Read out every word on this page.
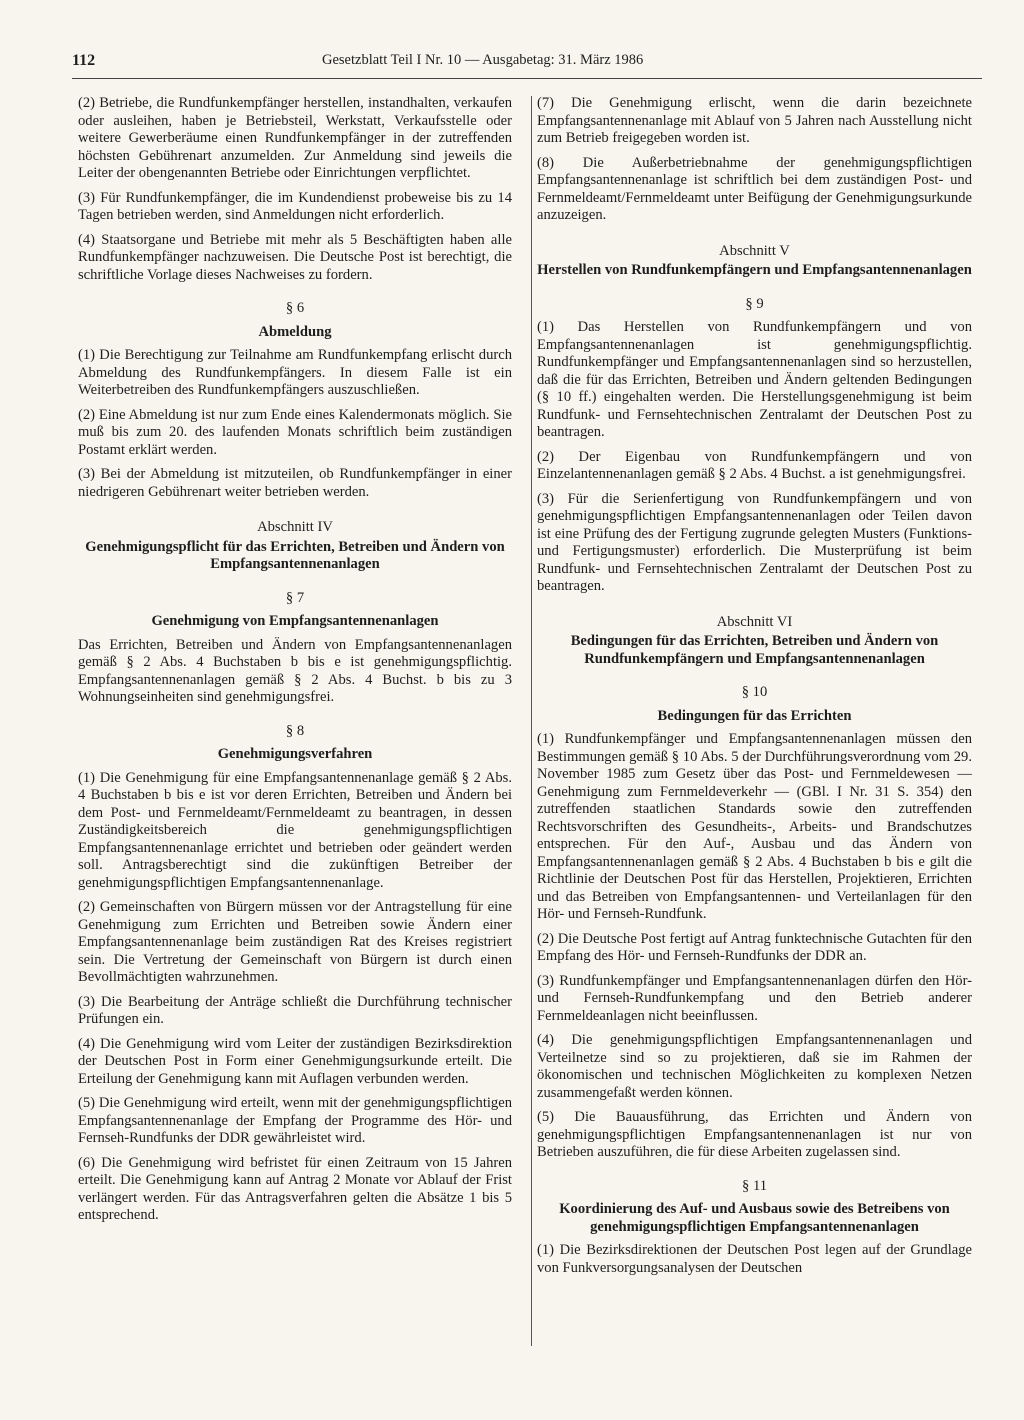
112	Gesetzblatt Teil I Nr. 10 — Ausgabetag: 31. März 1986

(2) Betriebe, die Rundfunkempfänger herstellen, instandhalten, verkaufen oder ausleihen, haben je Betriebsteil, Werkstatt, Verkaufsstelle oder weitere Gewerberäume einen Rundfunkempfänger in der zutreffenden höchsten Gebührenart anzumelden. Zur Anmeldung sind jeweils die Leiter der obengenannten Betriebe oder Einrichtungen verpflichtet.

(3) Für Rundfunkempfänger, die im Kundendienst probeweise bis zu 14 Tagen betrieben werden, sind Anmeldungen nicht erforderlich.

(4) Staatsorgane und Betriebe mit mehr als 5 Beschäftigten haben alle Rundfunkempfänger nachzuweisen. Die Deutsche Post ist berechtigt, die schriftliche Vorlage dieses Nachweises zu fordern.

§ 6
Abmeldung

(1) Die Berechtigung zur Teilnahme am Rundfunkempfang erlischt durch Abmeldung des Rundfunkempfängers. In diesem Falle ist ein Weiterbetreiben des Rundfunkempfängers auszuschließen.

(2) Eine Abmeldung ist nur zum Ende eines Kalendermonats möglich. Sie muß bis zum 20. des laufenden Monats schriftlich beim zuständigen Postamt erklärt werden.

(3) Bei der Abmeldung ist mitzuteilen, ob Rundfunkempfänger in einer niedrigeren Gebührenart weiter betrieben werden.

Abschnitt IV
Genehmigungspflicht für das Errichten, Betreiben und Ändern von Empfangsantennenanlagen
§ 7
Genehmigung von Empfangsantennenanlagen

Das Errichten, Betreiben und Ändern von Empfangsantennenanlagen gemäß § 2 Abs. 4 Buchstaben b bis e ist genehmigungspflichtig. Empfangsantennenanlagen gemäß § 2 Abs. 4 Buchst. b bis zu 3 Wohnungseinheiten sind genehmigungsfrei.

§ 8
Genehmigungsverfahren

(1) Die Genehmigung für eine Empfangsantennenanlage gemäß § 2 Abs. 4 Buchstaben b bis e ist vor deren Errichten, Betreiben und Ändern bei dem Post- und Fernmeldeamt/Fernmeldeamt zu beantragen, in dessen Zuständigkeitsbereich die genehmigungspflichtigen Empfangsantennenanlage errichtet und betrieben oder geändert werden soll. Antragsberechtigt sind die zukünftigen Betreiber der genehmigungspflichtigen Empfangsantennenanlage.

(2) Gemeinschaften von Bürgern müssen vor der Antragstellung für eine Genehmigung zum Errichten und Betreiben sowie Ändern einer Empfangsantennenanlage beim zuständigen Rat des Kreises registriert sein. Die Vertretung der Gemeinschaft von Bürgern ist durch einen Bevollmächtigten wahrzunehmen.

(3) Die Bearbeitung der Anträge schließt die Durchführung technischer Prüfungen ein.

(4) Die Genehmigung wird vom Leiter der zuständigen Bezirksdirektion der Deutschen Post in Form einer Genehmigungsurkunde erteilt. Die Erteilung der Genehmigung kann mit Auflagen verbunden werden.

(5) Die Genehmigung wird erteilt, wenn mit der genehmigungspflichtigen Empfangsantennenanlage der Empfang der Programme des Hör- und Fernseh-Rundfunks der DDR gewährleistet wird.

(6) Die Genehmigung wird befristet für einen Zeitraum von 15 Jahren erteilt. Die Genehmigung kann auf Antrag 2 Monate vor Ablauf der Frist verlängert werden. Für das Antragsverfahren gelten die Absätze 1 bis 5 entsprechend.

(7) Die Genehmigung erlischt, wenn die darin bezeichnete Empfangsantennenanlage mit Ablauf von 5 Jahren nach Ausstellung nicht zum Betrieb freigegeben worden ist.

(8) Die Außerbetriebnahme der genehmigungspflichtigen Empfangsantennenanlage ist schriftlich bei dem zuständigen Post- und Fernmeldeamt/Fernmeldeamt unter Beifügung der Genehmigungsurkunde anzuzeigen.

Abschnitt V
Herstellen von Rundfunkempfängern und Empfangsantennenanlagen
§ 9

(1) Das Herstellen von Rundfunkempfängern und von Empfangsantennenanlagen ist genehmigungspflichtig. Rundfunkempfänger und Empfangsantennenanlagen sind so herzustellen, daß die für das Errichten, Betreiben und Ändern geltenden Bedingungen (§ 10 ff.) eingehalten werden. Die Herstellungsgenehmigung ist beim Rundfunk- und Fernsehtechnischen Zentralamt der Deutschen Post zu beantragen.

(2) Der Eigenbau von Rundfunkempfängern und von Einzelantennenanlagen gemäß § 2 Abs. 4 Buchst. a ist genehmigungsfrei.

(3) Für die Serienfertigung von Rundfunkempfängern und von genehmigungspflichtigen Empfangsantennenanlagen oder Teilen davon ist eine Prüfung des der Fertigung zugrunde gelegten Musters (Funktions- und Fertigungsmuster) erforderlich. Die Musterprüfung ist beim Rundfunk- und Fernsehtechnischen Zentralamt der Deutschen Post zu beantragen.

Abschnitt VI
Bedingungen für das Errichten, Betreiben und Ändern von Rundfunkempfängern und Empfangsantennenanlagen
§ 10
Bedingungen für das Errichten

(1) Rundfunkempfänger und Empfangsantennenanlagen müssen den Bestimmungen gemäß § 10 Abs. 5 der Durchführungsverordnung vom 29. November 1985 zum Gesetz über das Post- und Fernmeldewesen — Genehmigung zum Fernmeldeverkehr — (GBl. I Nr. 31 S. 354) den zutreffenden staatlichen Standards sowie den zutreffenden Rechtsvorschriften des Gesundheits-, Arbeits- und Brandschutzes entsprechen. Für den Auf-, Ausbau und das Ändern von Empfangsantennenanlagen gemäß § 2 Abs. 4 Buchstaben b bis e gilt die Richtlinie der Deutschen Post für das Herstellen, Projektieren, Errichten und das Betreiben von Empfangsantennen- und Verteilanlagen für den Hör- und Fernseh-Rundfunk.

(2) Die Deutsche Post fertigt auf Antrag funktechnische Gutachten für den Empfang des Hör- und Fernseh-Rundfunks der DDR an.

(3) Rundfunkempfänger und Empfangsantennenanlagen dürfen den Hör- und Fernseh-Rundfunkempfang und den Betrieb anderer Fernmeldeanlagen nicht beeinflussen.

(4) Die genehmigungspflichtigen Empfangsantennenanlagen und Verteilnetze sind so zu projektieren, daß sie im Rahmen der ökonomischen und technischen Möglichkeiten zu komplexen Netzen zusammengefaßt werden können.

(5) Die Bauausführung, das Errichten und Ändern von genehmigungspflichtigen Empfangsantennenanlagen ist nur von Betrieben auszuführen, die für diese Arbeiten zugelassen sind.

§ 11
Koordinierung des Auf- und Ausbaus sowie des Betreibens von genehmigungspflichtigen Empfangsantennenanlagen

(1) Die Bezirksdirektionen der Deutschen Post legen auf der Grundlage von Funkversorgungsanalysen der Deutschen
